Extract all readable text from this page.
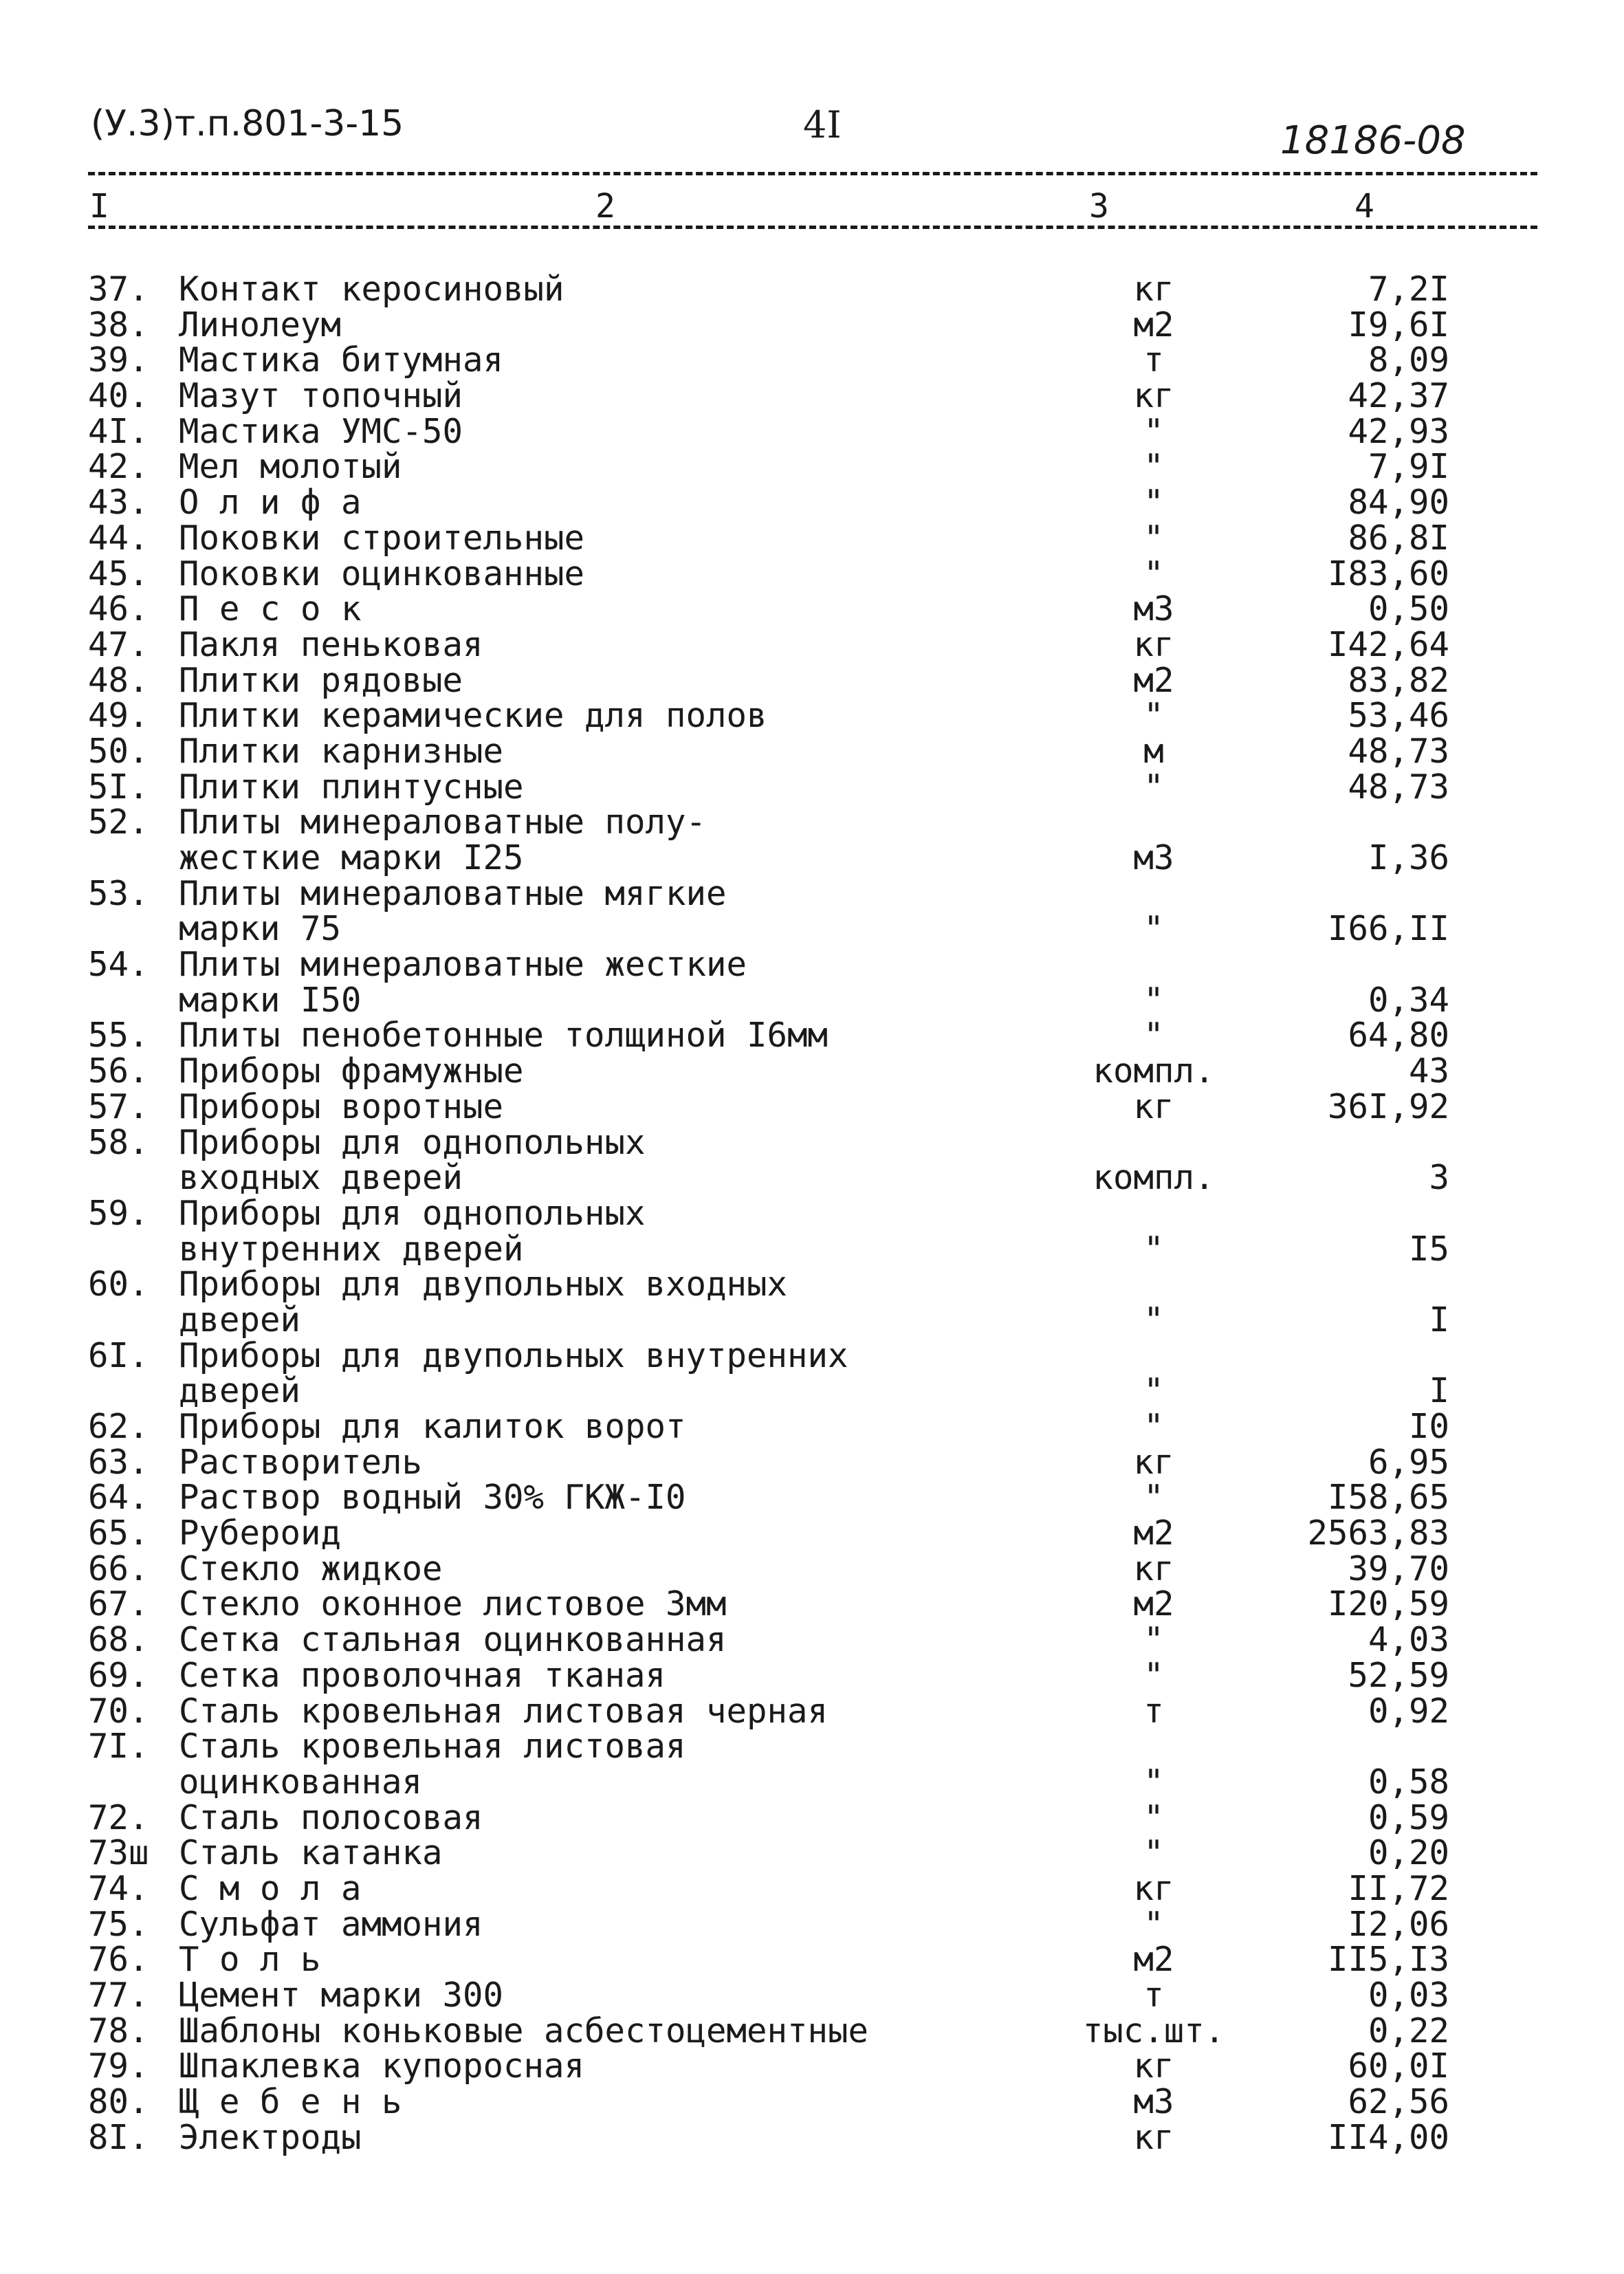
(У.3)т.п.801-3-15	4I	18186-08
I	2	3	4
37. Контакт керосиновый	кг	7,2I
38. Линолеум	м2	I9,6I
39. Мастика битумная	т	8,09
40. Мазут топочный	кг	42,37
4I. Мастика УМС-50	"	42,93
42. Мел молотый	"	7,9I
43. О л и ф а	"	84,90
44. Поковки строительные	"	86,8I
45. Поковки оцинкованные	"	I83,60
46. П е с о к	м3	0,50
47. Пакля пеньковая	кг	I42,64
48. Плитки рядовые	м2	83,82
49. Плитки керамические для полов	"	53,46
50. Плитки карнизные	м	48,73
5I. Плитки плинтусные	"	48,73
52. Плиты минераловатные полу-
жесткие марки I25	м3	I,36
53. Плиты минераловатные мягкие
марки 75	"	I66,II
54. Плиты минераловатные жесткие
марки I50	"	0,34
55. Плиты пенобетонные толщиной I6мм	"	64,80
56. Приборы фрамужные	компл.	43
57. Приборы воротные	кг	36I,92
58. Приборы для однопольных
входных дверей	компл.	3
59. Приборы для однопольных
внутренних дверей	"	I5
60. Приборы для двупольных входных
дверей	"	I
6I. Приборы для двупольных внутренних
дверей	"	I
62. Приборы для калиток ворот	"	I0
63. Растворитель	кг	6,95
64. Раствор водный 30% ГКЖ-I0	"	I58,65
65. Рубероид	м2	2563,83
66. Стекло жидкое	кг	39,70
67. Стекло оконное листовое 3мм	м2	I20,59
68. Сетка стальная оцинкованная	"	4,03
69. Сетка проволочная тканая	"	52,59
70. Сталь кровельная листовая черная	т	0,92
7I. Сталь кровельная листовая
оцинкованная	"	0,58
72. Сталь полосовая	"	0,59
73ш Сталь катанка	"	0,20
74. С м о л а	кг	II,72
75. Сульфат аммония	"	I2,06
76. Т о л ь	м2	II5,I3
77. Цемент марки 300	т	0,03
78. Шаблоны коньковые асбестоцементные	тыс.шт.	0,22
79. Шпаклевка купоросная	кг	60,0I
80. Щ е б е н ь	м3	62,56
8I. Электроды	кг	II4,00
